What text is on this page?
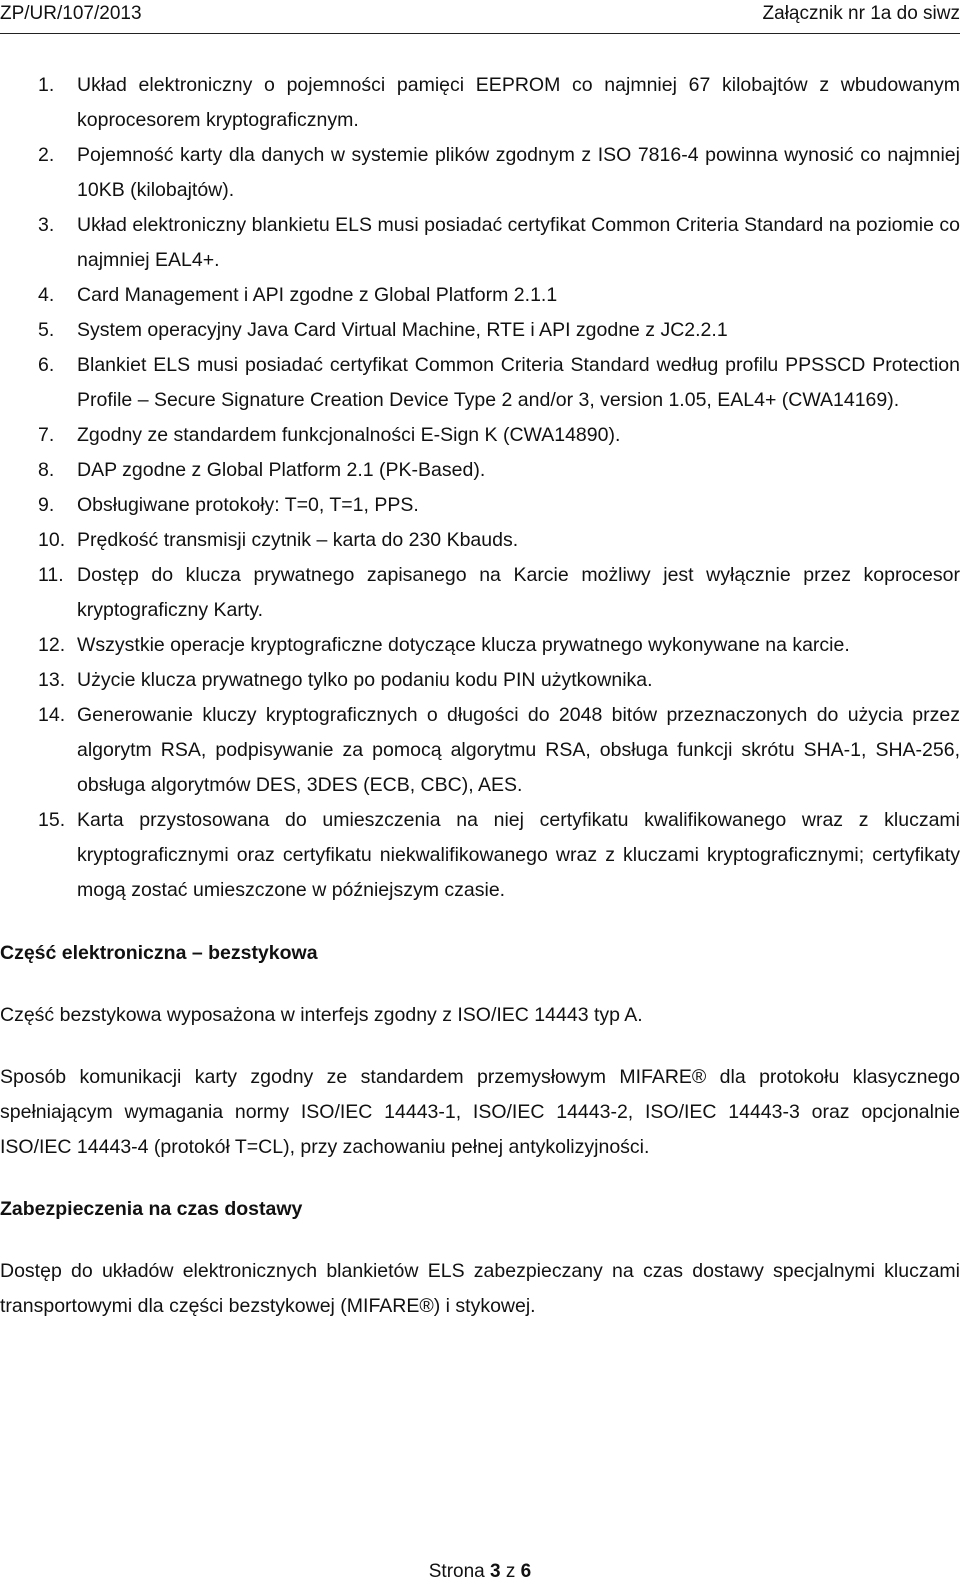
ZP/UR/107/2013	Załącznik nr 1a do siwz
1. Układ elektroniczny o pojemności pamięci EEPROM co najmniej 67 kilobajtów z wbudowanym koprocesorem kryptograficznym.
2. Pojemność karty dla danych w systemie plików zgodnym z ISO 7816-4 powinna wynosić co najmniej 10KB (kilobajtów).
3. Układ elektroniczny blankietu ELS musi posiadać certyfikat Common Criteria Standard na poziomie co najmniej EAL4+.
4. Card Management i API zgodne z Global Platform 2.1.1
5. System operacyjny Java Card Virtual Machine, RTE i API zgodne z JC2.2.1
6. Blankiet ELS musi posiadać certyfikat Common Criteria Standard według profilu PPSSCD Protection Profile – Secure Signature Creation Device Type 2 and/or 3, version 1.05, EAL4+ (CWA14169).
7. Zgodny ze standardem funkcjonalności E-Sign K (CWA14890).
8. DAP zgodne z Global Platform 2.1 (PK-Based).
9. Obsługiwane protokoły: T=0, T=1, PPS.
10. Prędkość transmisji czytnik – karta do 230 Kbauds.
11. Dostęp do klucza prywatnego zapisanego na Karcie możliwy jest wyłącznie przez koprocesor kryptograficzny Karty.
12. Wszystkie operacje kryptograficzne dotyczące klucza prywatnego wykonywane na karcie.
13. Użycie klucza prywatnego tylko po podaniu kodu PIN użytkownika.
14. Generowanie kluczy kryptograficznych o długości do 2048 bitów przeznaczonych do użycia przez algorytm RSA, podpisywanie za pomocą algorytmu RSA, obsługa funkcji skrótu SHA-1, SHA-256, obsługa algorytmów DES, 3DES (ECB, CBC), AES.
15. Karta przystosowana do umieszczenia na niej certyfikatu kwalifikowanego wraz z kluczami kryptograficznymi oraz certyfikatu niekwalifikowanego wraz z kluczami kryptograficznymi; certyfikaty mogą zostać umieszczone w późniejszym czasie.

Część elektroniczna – bezstykowa

Część bezstykowa wyposażona w interfejs zgodny z ISO/IEC 14443 typ A.

Sposób komunikacji karty zgodny ze standardem przemysłowym MIFARE® dla protokołu klasycznego spełniającym wymagania normy ISO/IEC 14443-1, ISO/IEC 14443-2, ISO/IEC 14443-3 oraz opcjonalnie ISO/IEC 14443-4 (protokół T=CL), przy zachowaniu pełnej antykolizyjności.

Zabezpieczenia na czas dostawy

Dostęp do układów elektronicznych blankietów ELS zabezpieczany na czas dostawy specjalnymi kluczami transportowymi dla części bezstykowej (MIFARE®) i stykowej.

Strona 3 z 6
